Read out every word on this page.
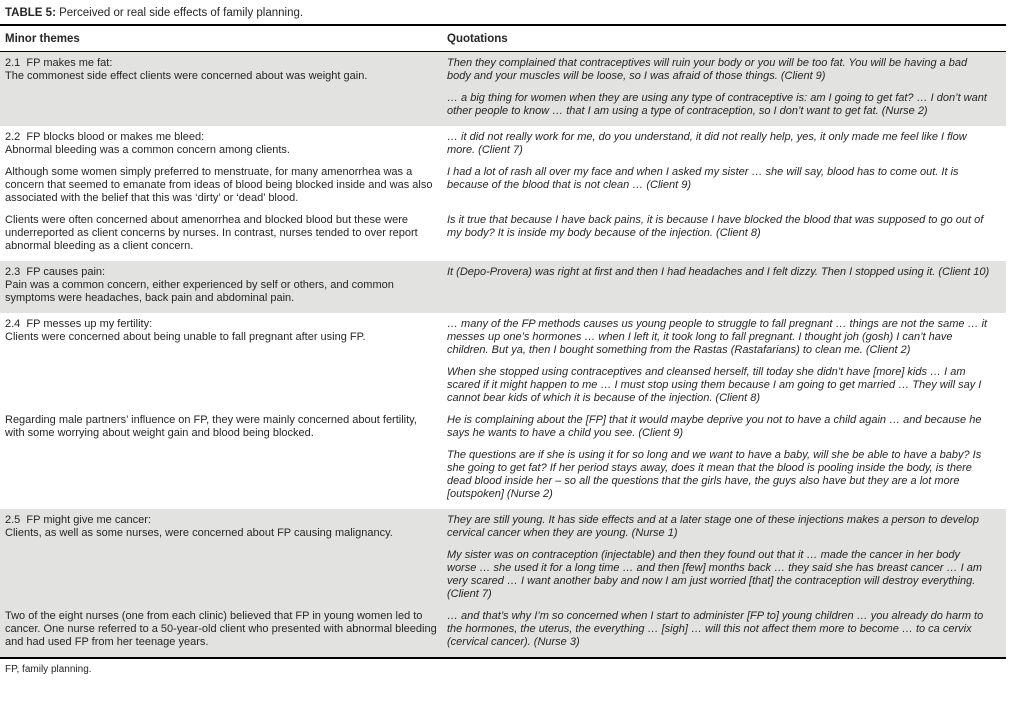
TABLE 5: Perceived or real side effects of family planning.
Minor themes	Quotations
2.1  FP makes me fat:
The commonest side effect clients were concerned about was weight gain.

Then they complained that contraceptives will ruin your body or you will be too fat. You will be having a bad body and your muscles will be loose, so I was afraid of those things. (Client 9)

… a big thing for women when they are using any type of contraceptive is: am I going to get fat? … I don’t want other people to know … that I am using a type of contraception, so I don’t want to get fat. (Nurse 2)

2.2  FP blocks blood or makes me bleed:
Abnormal bleeding was a common concern among clients.

… it did not really work for me, do you understand, it did not really help, yes, it only made me feel like I flow more. (Client 7)

Although some women simply preferred to menstruate, for many amenorrhea was a concern that seemed to emanate from ideas of blood being blocked inside and was also associated with the belief that this was ‘dirty’ or ‘dead’ blood.

I had a lot of rash all over my face and when I asked my sister … she will say, blood has to come out. It is because of the blood that is not clean … (Client 9)

Clients were often concerned about amenorrhea and blocked blood but these were underreported as client concerns by nurses. In contrast, nurses tended to over report abnormal bleeding as a client concern.

Is it true that because I have back pains, it is because I have blocked the blood that was supposed to go out of my body? It is inside my body because of the injection. (Client 8)

2.3  FP causes pain:
Pain was a common concern, either experienced by self or others, and common symptoms were headaches, back pain and abdominal pain.

It (Depo-Provera) was right at first and then I had headaches and I felt dizzy. Then I stopped using it. (Client 10)

2.4  FP messes up my fertility:
Clients were concerned about being unable to fall pregnant after using FP.

… many of the FP methods causes us young people to struggle to fall pregnant … things are not the same … it messes up one’s hormones … when I left it, it took long to fall pregnant. I thought joh (gosh) I can’t have children. But ya, then I bought something from the Rastas (Rastafarians) to clean me. (Client 2)

When she stopped using contraceptives and cleansed herself, till today she didn’t have [more] kids … I am scared if it might happen to me … I must stop using them because I am going to get married … They will say I cannot bear kids of which it is because of the injection. (Client 8)

Regarding male partners’ influence on FP, they were mainly concerned about fertility, with some worrying about weight gain and blood being blocked.

He is complaining about the [FP] that it would maybe deprive you not to have a child again … and because he says he wants to have a child you see. (Client 9)

The questions are if she is using it for so long and we want to have a baby, will she be able to have a baby? Is she going to get fat? If her period stays away, does it mean that the blood is pooling inside the body, is there dead blood inside her – so all the questions that the girls have, the guys also have but they are a lot more [outspoken] (Nurse 2)

2.5  FP might give me cancer:
Clients, as well as some nurses, were concerned about FP causing malignancy.

They are still young. It has side effects and at a later stage one of these injections makes a person to develop cervical cancer when they are young. (Nurse 1)

My sister was on contraception (injectable) and then they found out that it … made the cancer in her body worse … she used it for a long time … and then [few] months back … they said she has breast cancer … I am very scared … I want another baby and now I am just worried [that] the contraception will destroy everything. (Client 7)

Two of the eight nurses (one from each clinic) believed that FP in young women led to cancer. One nurse referred to a 50-year-old client who presented with abnormal bleeding and had used FP from her teenage years.

… and that’s why I’m so concerned when I start to administer [FP to] young children … you already do harm to the hormones, the uterus, the everything … [sigh] … will this not affect them more to become … to ca cervix (cervical cancer). (Nurse 3)

FP, family planning.
